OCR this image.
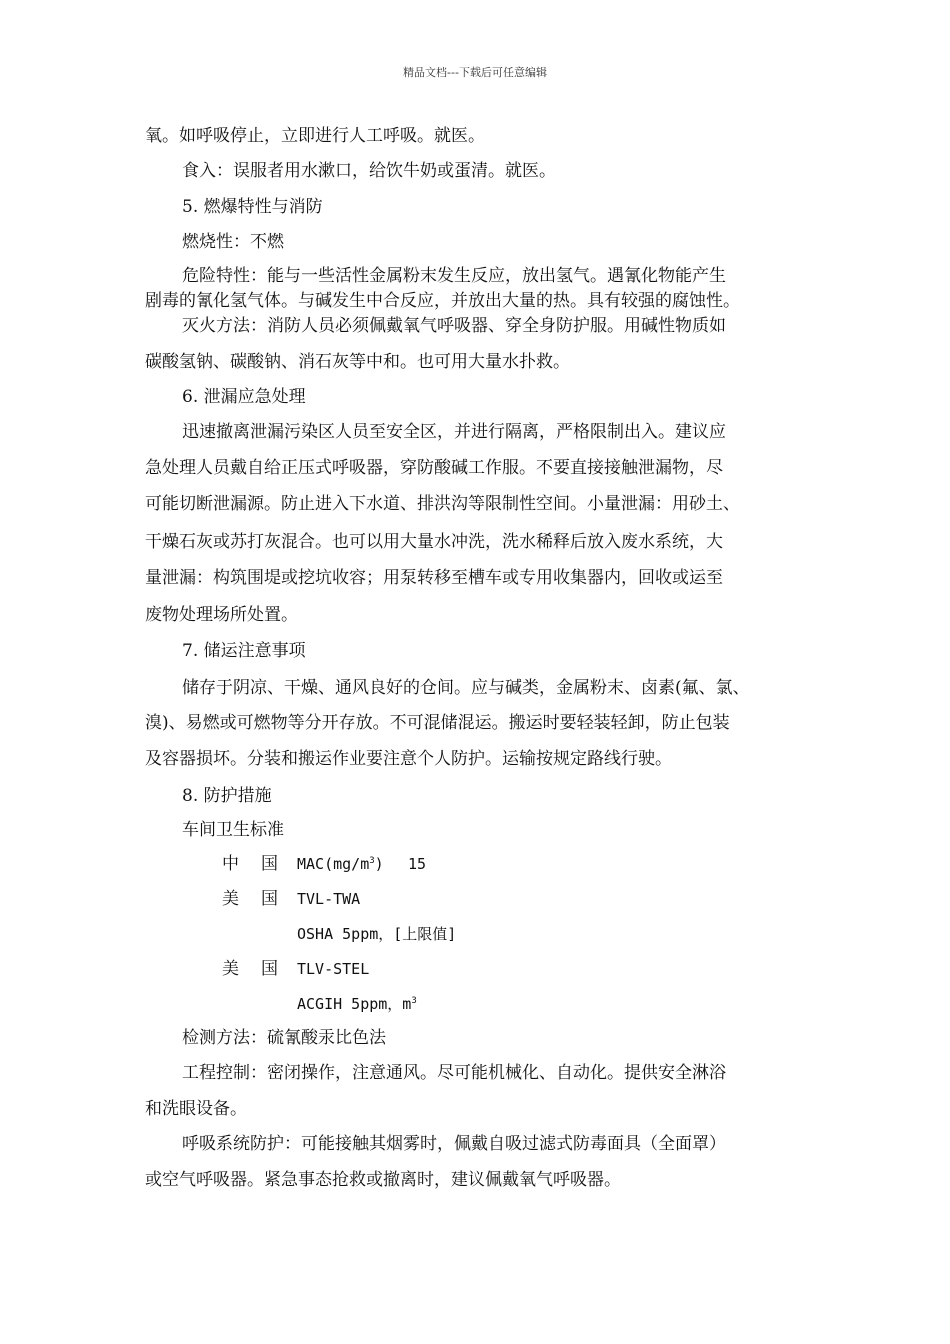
精品文档---下载后可任意编辑
氧。如呼吸停止，立即进行人工呼吸。就医。
食入：误服者用水漱口，给饮牛奶或蛋清。就医。
5. 燃爆特性与消防
燃烧性：不燃
危险特性：能与一些活性金属粉末发生反应，放出氢气。遇氰化物能产生
剧毒的氰化氢气体。与碱发生中合反应，并放出大量的热。具有较强的腐蚀性。
灭火方法：消防人员必须佩戴氧气呼吸器、穿全身防护服。用碱性物质如
碳酸氢钠、碳酸钠、消石灰等中和。也可用大量水扑救。
6. 泄漏应急处理
迅速撤离泄漏污染区人员至安全区，并进行隔离，严格限制出入。建议应
急处理人员戴自给正压式呼吸器，穿防酸碱工作服。不要直接接触泄漏物，尽
可能切断泄漏源。防止进入下水道、排洪沟等限制性空间。小量泄漏：用砂土、
干燥石灰或苏打灰混合。也可以用大量水冲洗，洗水稀释后放入废水系统，大
量泄漏：构筑围堤或挖坑收容；用泵转移至槽车或专用收集器内，回收或运至
废物处理场所处置。
7. 储运注意事项
储存于阴凉、干燥、通风良好的仓间。应与碱类，金属粉末、卤素(氟、氯、
溴)、易燃或可燃物等分开存放。不可混储混运。搬运时要轻装轻卸，防止包装
及容器损坏。分装和搬运作业要注意个人防护。运输按规定路线行驶。
8. 防护措施
车间卫生标准
中 国 $MAC(mg/m^3)$ 15
美 国 TVL-TWA
OSHA 5ppm，[上限值]
美 国 TLV-STEL
ACGIH 5ppm，$m^3$
检测方法：硫氰酸汞比色法
工程控制：密闭操作，注意通风。尽可能机械化、自动化。提供安全淋浴
和洗眼设备。
呼吸系统防护：可能接触其烟雾时，佩戴自吸过滤式防毒面具（全面罩）
或空气呼吸器。紧急事态抢救或撤离时，建议佩戴氧气呼吸器。
